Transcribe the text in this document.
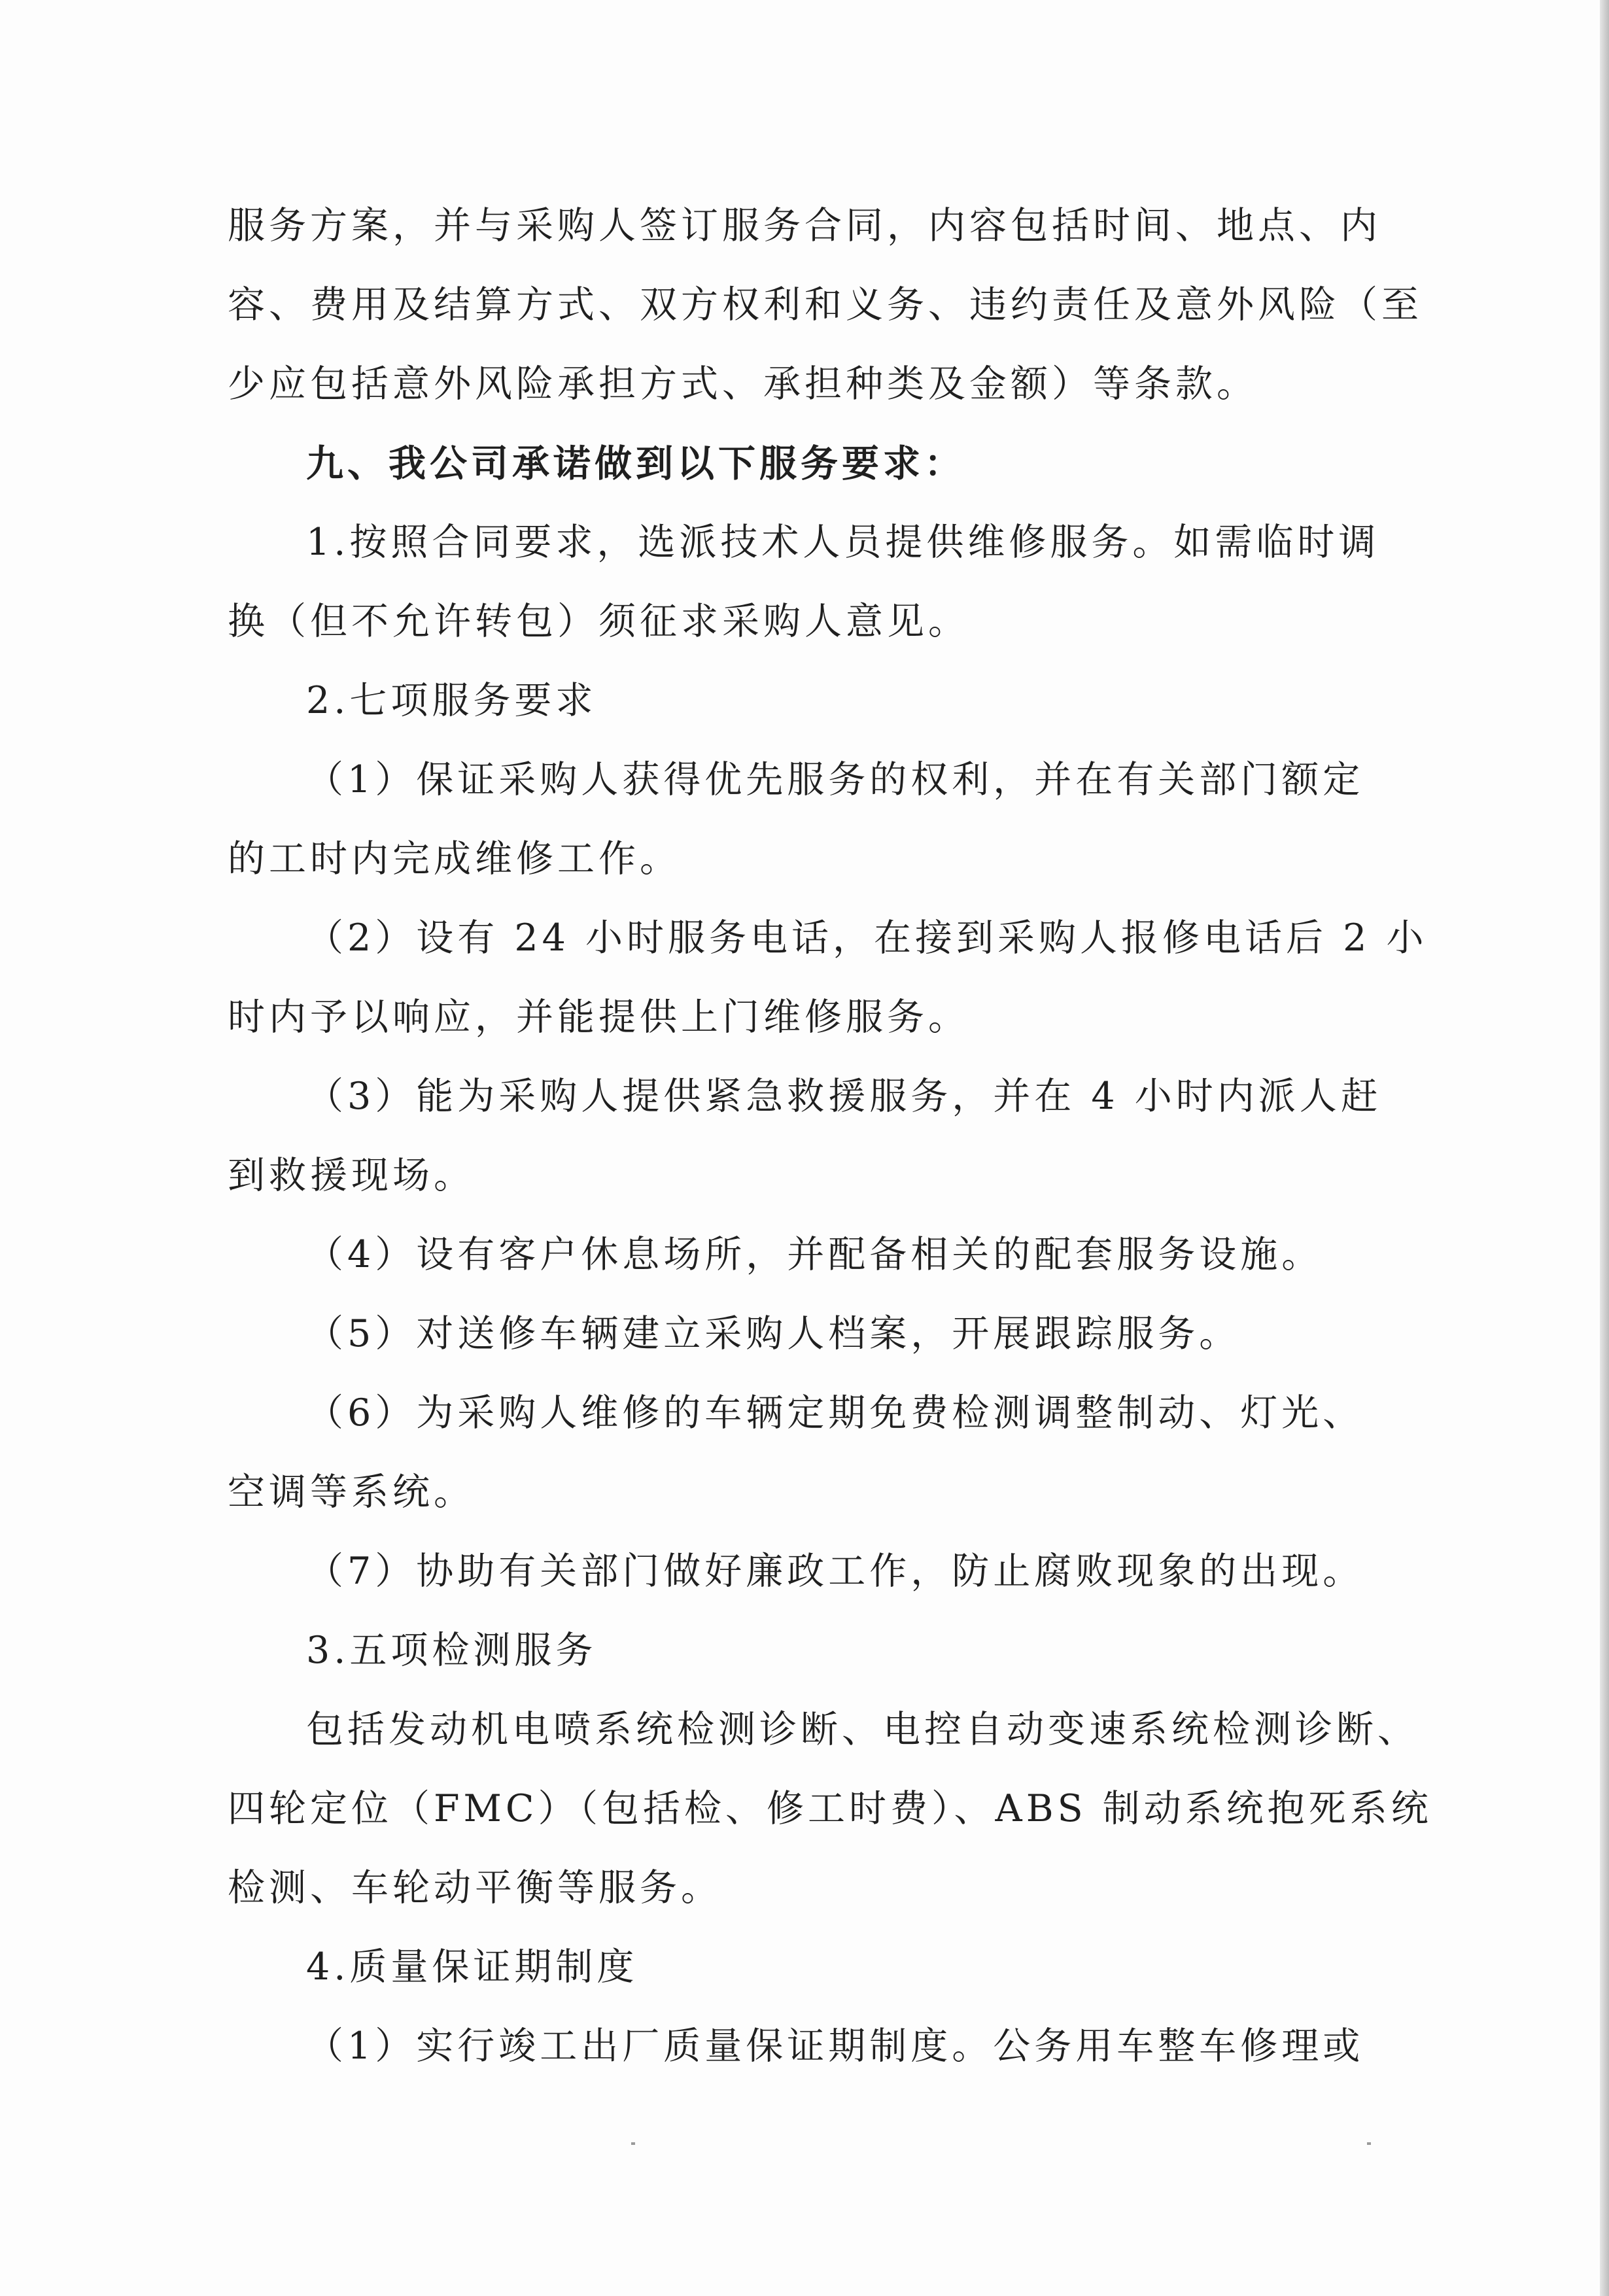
服务方案，并与采购人签订服务合同，内容包括时间、地点、内
容、费用及结算方式、双方权利和义务、违约责任及意外风险（至
少应包括意外风险承担方式、承担种类及金额）等条款。
九、我公司承诺做到以下服务要求：
1.按照合同要求，选派技术人员提供维修服务。如需临时调
换（但不允许转包）须征求采购人意见。
2.七项服务要求
（1）保证采购人获得优先服务的权利，并在有关部门额定
的工时内完成维修工作。
（2）设有 24 小时服务电话，在接到采购人报修电话后 2 小
时内予以响应，并能提供上门维修服务。
（3）能为采购人提供紧急救援服务，并在 4 小时内派人赶
到救援现场。
（4）设有客户休息场所，并配备相关的配套服务设施。
（5）对送修车辆建立采购人档案，开展跟踪服务。
（6）为采购人维修的车辆定期免费检测调整制动、灯光、
空调等系统。
（7）协助有关部门做好廉政工作，防止腐败现象的出现。
3.五项检测服务
包括发动机电喷系统检测诊断、电控自动变速系统检测诊断、
四轮定位（FMC）（包括检、修工时费）、ABS 制动系统抱死系统
检测、车轮动平衡等服务。
4.质量保证期制度
（1）实行竣工出厂质量保证期制度。公务用车整车修理或
